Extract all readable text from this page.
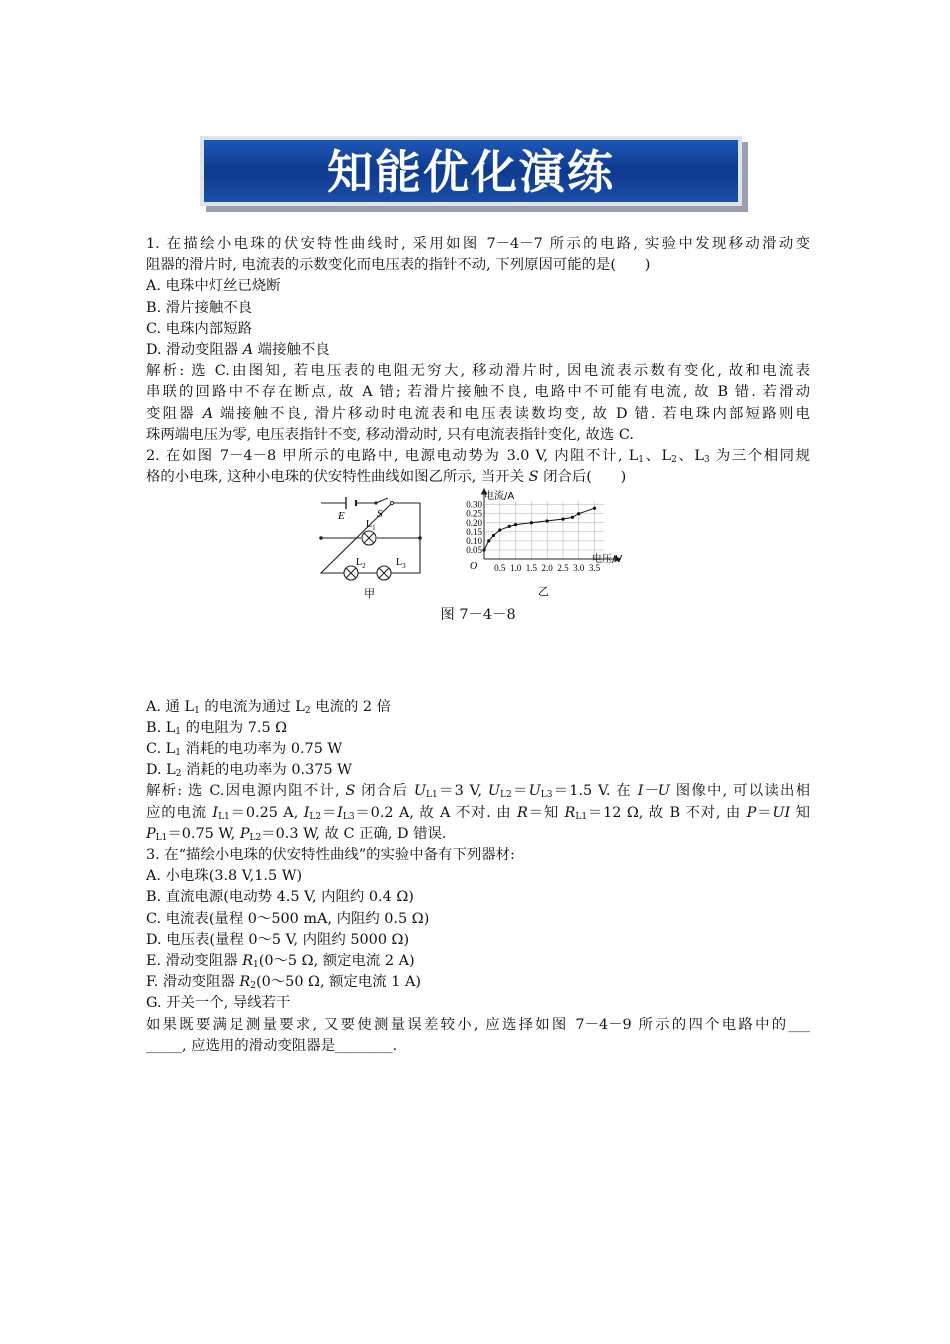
知能优化演练
1. 在描绘小电珠的伏安特性曲线时, 采用如图 7－4－7 所示的电路, 实验中发现移动滑动变
阻器的滑片时, 电流表的示数变化而电压表的指针不动, 下列原因可能的是(　　)
A. 电珠中灯丝已烧断
B. 滑片接触不良
C. 电珠内部短路
D. 滑动变阻器 A 端接触不良
解析: 选 C.由图知, 若电压表的电阻无穷大, 移动滑片时, 因电流表示数有变化, 故和电流表
串联的回路中不存在断点, 故 A 错; 若滑片接触不良, 电路中不可能有电流, 故 B 错. 若滑动
变阻器 A 端接触不良, 滑片移动时电流表和电压表读数均变, 故 D 错. 若电珠内部短路则电
珠两端电压为零, 电压表指针不变, 移动滑动时, 只有电流表指针变化, 故选 C.
2. 在如图 7－4－8 甲所示的电路中, 电源电动势为 3.0 V, 内阻不计, $L_1$、$L_2$、$L_3$ 为三个相同规
格的小电珠, 这种小电珠的伏安特性曲线如图乙所示, 当开关 S 闭合后(　　)
E	S
$L_1$
$L_2$	$L_3$
甲
0.5 1.0 1.5 2.0 2.5 3.0 3.5
0.05
0.10
0.15
0.20
0.25
0.30
电流/A
电压/V
O
乙
图 7－4－8
A. 通 $L_1$ 的电流为通过 $L_2$ 电流的 2 倍
B. $L_1$ 的电阻为 7.5 Ω
C. $L_1$ 消耗的电功率为 0.75 W
D. $L_2$ 消耗的电功率为 0.375 W
解析: 选 C.因电源内阻不计, S 闭合后 $U_{L1}=3$ V, $U_{L2}=U_{L3}=1.5$ V. 在 I－U 图像中, 可以读出相
应的电流 $I_{L1}=0.25$ A, $I_{L2}=I_{L3}=0.2$ A, 故 A 不对. 由 R＝知 $R_{L1}=12$ Ω, 故 B 不对, 由 P＝UI 知
$P_{L1}=0.75$ W, $P_{L2}=0.3$ W, 故 C 正确, D 错误.
3. 在“描绘小电珠的伏安特性曲线”的实验中备有下列器材:
A. 小电珠(3.8 V,1.5 W)
B. 直流电源(电动势 4.5 V, 内阻约 0.4 Ω)
C. 电流表(量程 0～500 mA, 内阻约 0.5 Ω)
D. 电压表(量程 0～5 V, 内阻约 5000 Ω)
E. 滑动变阻器 $R_1(0\sim 5$ Ω, 额定电流 2 A)
F. 滑动变阻器 $R_2(0\sim 50$ Ω, 额定电流 1 A)
G. 开关一个, 导线若干
如果既要满足测量要求, 又要使测量误差较小, 应选择如图 7－4－9 所示的四个电路中的___
_____, 应选用的滑动变阻器是________.
